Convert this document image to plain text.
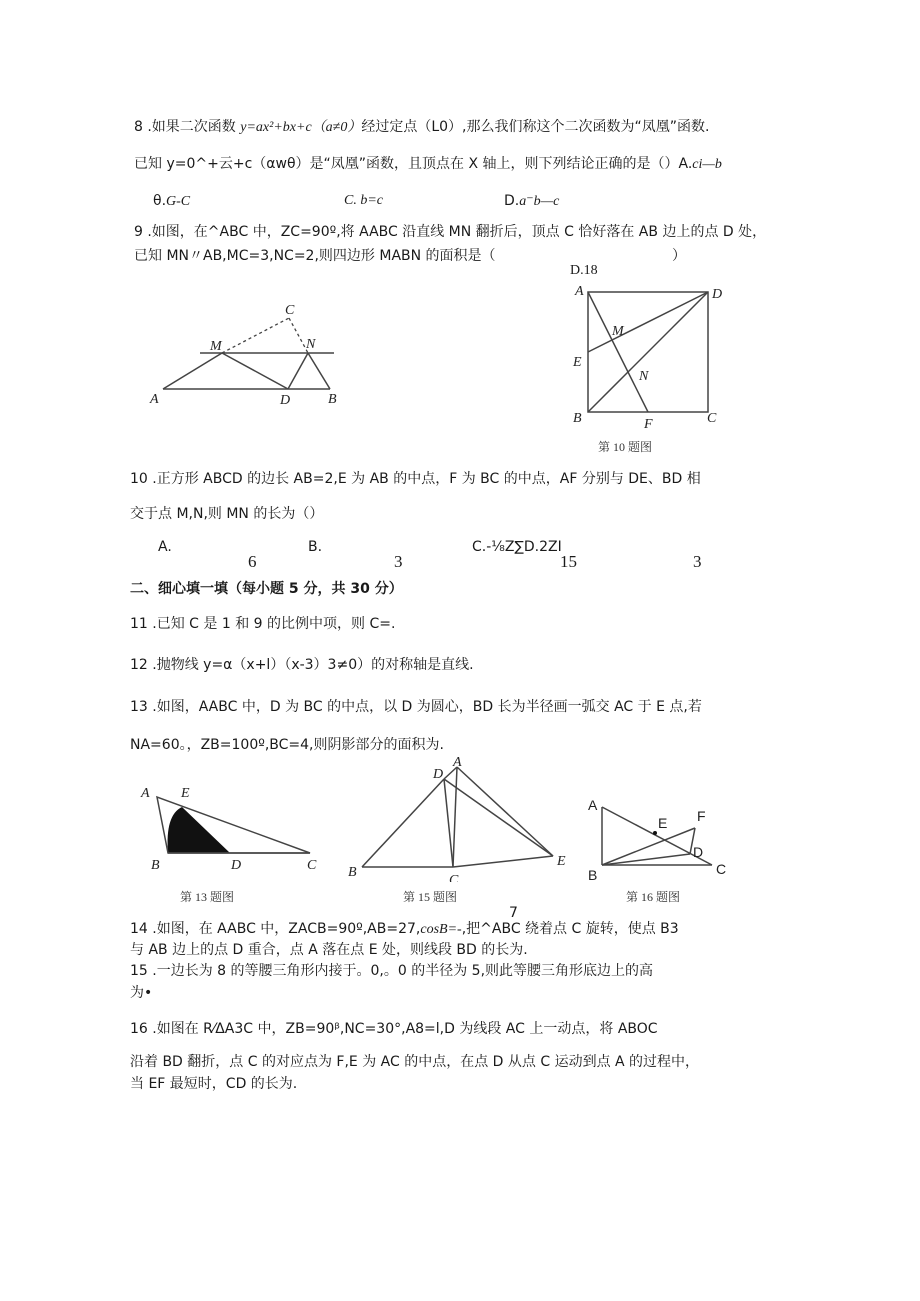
8 .如果二次函数 y=ax²+bx+c（a≠0）经过定点（L0）,那么我们称这个二次函数为“凤凰”函数.
已知 y=0^+云+c（αwθ）是“凤凰”函数，且顶点在 X 轴上，则下列结论正确的是（）A.ci—b
θ.G-C	C. b=c	D.a⁻b—c
9 .如图，在^ABC 中，ZC=90º,将 AABC 沿直线 MN 翻折后，顶点 C 恰好落在 AB 边上的点 D 处，
已知 MN〃AB,MC=3,NC=2,则四边形 MABN 的面积是（	）
D.18
C
M	N
A	D	B
A	D
M
E
N
B	F	C
第 10 题图
10 .正方形 ABCD 的边长 AB=2,E 为 AB 的中点，F 为 BC 的中点，AF 分别与 DE、BD 相
交于点 M,N,则 MN 的长为（）
A.	B.	C.-⅛Z∑D.2ZI
6	3	15	3
二、细心填一填（每小题 5 分，共 30 分）
11 .已知 C 是 1 和 9 的比例中项，则 C=.
12 .抛物线 y=α（x+l）（x-3）3≠0）的对称轴是直线.
13 .如图，AABC 中，D 为 BC 的中点，以 D 为圆心，BD 长为半径画一弧交 AC 于 E 点,若
NA=60。，ZB=100º,BC=4,则阴影部分的面积为.
A E
B	D	C
第 13 题图
A
D
B
C
E
第 15 题图
A
E F
D
B	C
第 16 题图
7
14 .如图，在 AABC 中，ZACB=90º,AB=27,cosB=-,把^ABC 绕着点 C 旋转，使点 B3
与 AB 边上的点 D 重合，点 A 落在点 E 处，则线段 BD 的长为.
15 .一边长为 8 的等腰三角形内接于。0,。0 的半径为 5,则此等腰三角形底边上的高
为•
16 .如图在 R⁄ΔA3C 中，ZB=90ᵝ,NC=30°,A8=l,D 为线段 AC 上一动点，将 ABOC
沿着 BD 翻折，点 C 的对应点为 F,E 为 AC 的中点，在点 D 从点 C 运动到点 A 的过程中，
当 EF 最短时，CD 的长为.
